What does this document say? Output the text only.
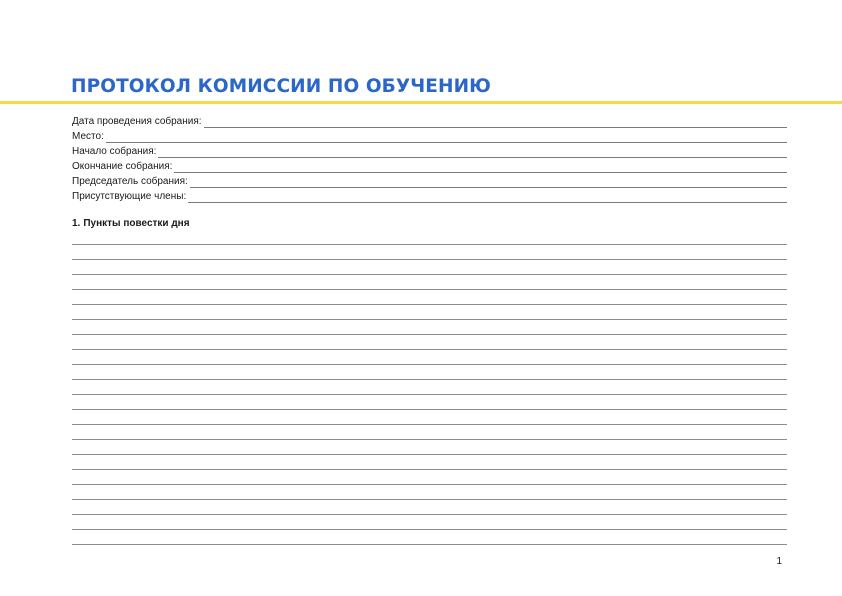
ПРОТОКОЛ КОМИССИИ ПО ОБУЧЕНИЮ
Дата проведения собрания:
Место:
Начало собрания:
Окончание собрания:
Председатель собрания:
Присутствующие члены:
1. Пункты повестки дня
1
